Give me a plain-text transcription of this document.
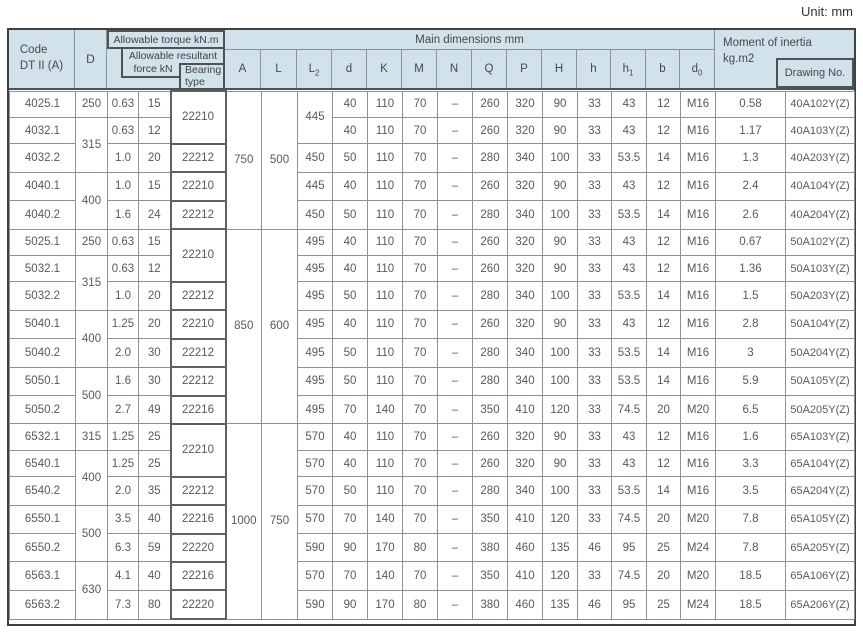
Unit: mm
Code
DT II (A) D
Allowable torque kN.m
Allowable resultant
force kN	Bearing
type
Main dimensions mm
A	L $L_2$ d K M N Q P H h $h_1$ b $d_0$
Moment of inertia
kg.m2
Drawing No.
4025.1	250	0.63	15	22210	750	500	445	40	110	70	–	260	320	90	33	43	12	M16	0.58	40A102Y(Z)
4032.1	315	0.63	12					40	110	70	–	260	320	90	33	43	12	M16	1.17	40A103Y(Z)
4032.2		1.0	20	22212			450	50	110	70	–	280	340	100	33	53.5	14	M16	1.3	40A203Y(Z)
4040.1	400	1.0	15	22210			445	40	110	70	–	260	320	90	33	43	12	M16	2.4	40A104Y(Z)
4040.2		1.6	24	22212			450	50	110	70	–	280	340	100	33	53.5	14	M16	2.6	40A204Y(Z)
5025.1	250	0.63	15	22210	850	600	495	40	110	70	–	260	320	90	33	43	12	M16	0.67	50A102Y(Z)
5032.1	315	0.63	12				495	40	110	70	–	260	320	90	33	43	12	M16	1.36	50A103Y(Z)
5032.2		1.0	20	22212			495	50	110	70	–	280	340	100	33	53.5	14	M16	1.5	50A203Y(Z)
5040.1	400	1.25	20	22210			495	40	110	70	–	260	320	90	33	43	12	M16	2.8	50A104Y(Z)
5040.2		2.0	30	22212			495	50	110	70	–	280	340	100	33	53.5	14	M16	3	50A204Y(Z)
5050.1	500	1.6	30	22212			495	50	110	70	–	280	340	100	33	53.5	14	M16	5.9	50A105Y(Z)
5050.2		2.7	49	22216			495	70	140	70	–	350	410	120	33	74.5	20	M20	6.5	50A205Y(Z)
6532.1	315	1.25	25	22210	1000	750	570	40	110	70	–	260	320	90	33	43	12	M16	1.6	65A103Y(Z)
6540.1	400	1.25	25				570	40	110	70	–	260	320	90	33	43	12	M16	3.3	65A104Y(Z)
6540.2		2.0	35	22212			570	50	110	70	–	280	340	100	33	53.5	14	M16	3.5	65A204Y(Z)
6550.1	500	3.5	40	22216			570	70	140	70	–	350	410	120	33	74.5	20	M20	7.8	65A105Y(Z)
6550.2		6.3	59	22220			590	90	170	80	–	380	460	135	46	95	25	M24	7.8	65A205Y(Z)
6563.1	630	4.1	40	22216			570	70	140	70	–	350	410	120	33	74.5	20	M20	18.5	65A106Y(Z)
6563.2		7.3	80	22220			590	90	170	80	–	380	460	135	46	95	25	M24	18.5	65A206Y(Z)
